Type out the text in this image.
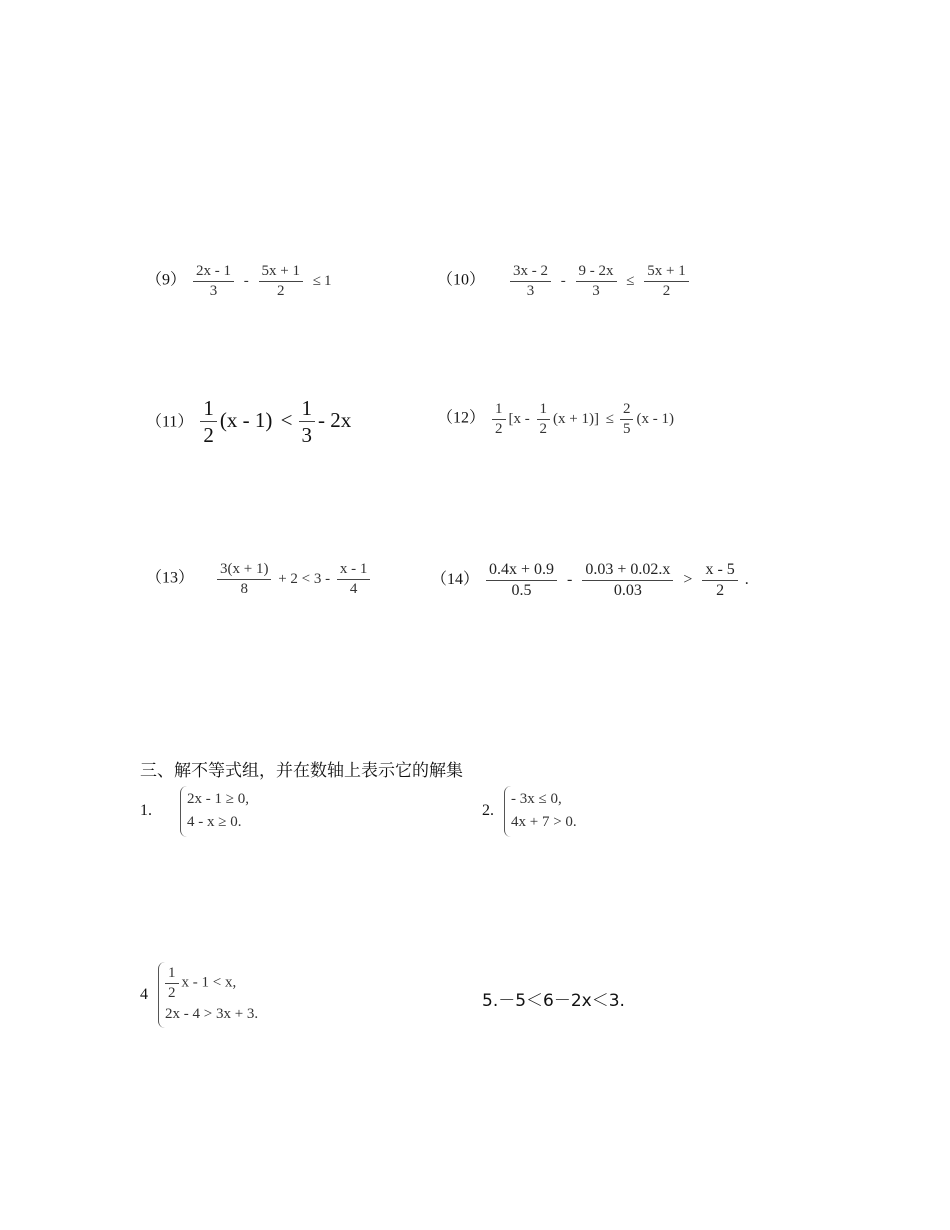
$(9) \frac{2x - 1}{3} - \frac{5x + 1}{2} \le 1$	$(10) \frac{3x - 2}{3} - \frac{9 - 2x}{3} \le \frac{5x + 1}{2}$
$(11) \frac{1}{2} (x - 1) < \frac{1}{3} - 2x$	$(12) \frac{1}{2} [x - \frac{1}{2} (x + 1)] \le \frac{2}{5} (x - 1)$
$(13) \frac{3(x + 1)}{8} + 2 < 3 - \frac{x - 1}{4}$	$(14) \frac{0.4x + 0.9}{0.5} - \frac{0.03 + 0.02.x}{0.03} > \frac{x - 5}{2}$ .
三、解不等式组，并在数轴上表示它的解集
1.
2x - 1 ≥ 0,
4 - x ≥ 0.
2.
- 3x ≤ 0,
4x + 7 > 0.
$4 \frac{1}{2}$ x - 1 < x,
2x - 4 > 3x + 3.
5.－5＜6－2x＜3.
